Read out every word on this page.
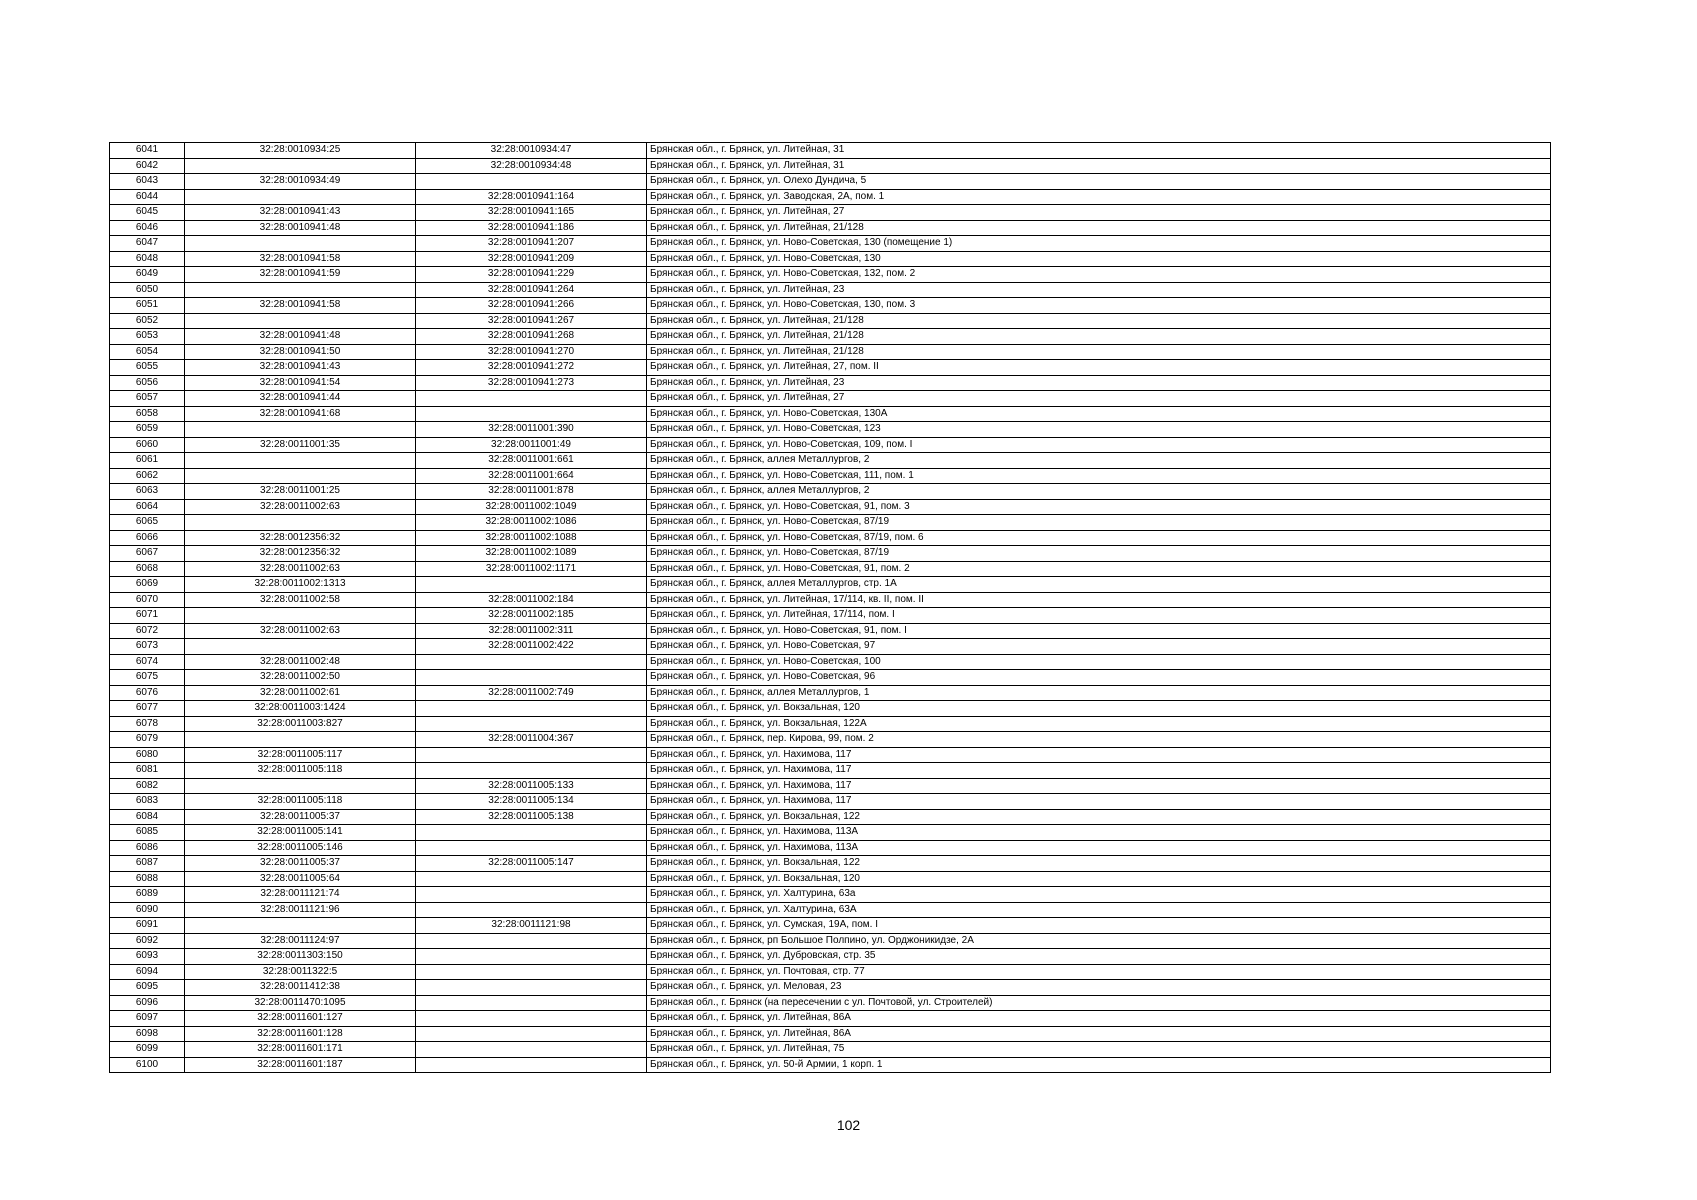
6041	32:28:0010934:25	32:28:0010934:47	Брянская обл., г. Брянск, ул. Литейная, 31
6042		32:28:0010934:48	Брянская обл., г. Брянск, ул. Литейная, 31
6043	32:28:0010934:49		Брянская обл., г. Брянск, ул. Олехо Дундича, 5
6044		32:28:0010941:164	Брянская обл., г. Брянск, ул. Заводская, 2А, пом. 1
6045	32:28:0010941:43	32:28:0010941:165	Брянская обл., г. Брянск, ул. Литейная, 27
6046	32:28:0010941:48	32:28:0010941:186	Брянская обл., г. Брянск, ул. Литейная, 21/128
6047		32:28:0010941:207	Брянская обл., г. Брянск, ул. Ново-Советская, 130 (помещение 1)
6048	32:28:0010941:58	32:28:0010941:209	Брянская обл., г. Брянск, ул. Ново-Советская, 130
6049	32:28:0010941:59	32:28:0010941:229	Брянская обл., г. Брянск, ул. Ново-Советская, 132, пом. 2
6050		32:28:0010941:264	Брянская обл., г. Брянск, ул. Литейная, 23
6051	32:28:0010941:58	32:28:0010941:266	Брянская обл., г. Брянск, ул. Ново-Советская, 130, пом. 3
6052		32:28:0010941:267	Брянская обл., г. Брянск, ул. Литейная, 21/128
6053	32:28:0010941:48	32:28:0010941:268	Брянская обл., г. Брянск, ул. Литейная, 21/128
6054	32:28:0010941:50	32:28:0010941:270	Брянская обл., г. Брянск, ул. Литейная, 21/128
6055	32:28:0010941:43	32:28:0010941:272	Брянская обл., г. Брянск, ул. Литейная, 27, пом. II
6056	32:28:0010941:54	32:28:0010941:273	Брянская обл., г. Брянск, ул. Литейная, 23
6057	32:28:0010941:44		Брянская обл., г. Брянск, ул. Литейная, 27
6058	32:28:0010941:68		Брянская обл., г. Брянск, ул. Ново-Советская, 130А
6059		32:28:0011001:390	Брянская обл., г. Брянск, ул. Ново-Советская, 123
6060	32:28:0011001:35	32:28:0011001:49	Брянская обл., г. Брянск, ул. Ново-Советская, 109, пом. I
6061		32:28:0011001:661	Брянская обл., г. Брянск, аллея Металлургов, 2
6062		32:28:0011001:664	Брянская обл., г. Брянск, ул. Ново-Советская, 111, пом. 1
6063	32:28:0011001:25	32:28:0011001:878	Брянская обл., г. Брянск, аллея Металлургов, 2
6064	32:28:0011002:63	32:28:0011002:1049	Брянская обл., г. Брянск, ул. Ново-Советская, 91, пом. 3
6065		32:28:0011002:1086	Брянская обл., г. Брянск, ул. Ново-Советская, 87/19
6066	32:28:0012356:32	32:28:0011002:1088	Брянская обл., г. Брянск, ул. Ново-Советская, 87/19, пом. 6
6067	32:28:0012356:32	32:28:0011002:1089	Брянская обл., г. Брянск, ул. Ново-Советская, 87/19
6068	32:28:0011002:63	32:28:0011002:1171	Брянская обл., г. Брянск, ул. Ново-Советская, 91, пом. 2
6069	32:28:0011002:1313		Брянская обл., г. Брянск, аллея Металлургов, стр. 1А
6070	32:28:0011002:58	32:28:0011002:184	Брянская обл., г. Брянск, ул. Литейная, 17/114, кв. II, пом. II
6071		32:28:0011002:185	Брянская обл., г. Брянск, ул. Литейная, 17/114, пом. I
6072	32:28:0011002:63	32:28:0011002:311	Брянская обл., г. Брянск, ул. Ново-Советская, 91, пом. I
6073		32:28:0011002:422	Брянская обл., г. Брянск, ул. Ново-Советская, 97
6074	32:28:0011002:48		Брянская обл., г. Брянск, ул. Ново-Советская, 100
6075	32:28:0011002:50		Брянская обл., г. Брянск, ул. Ново-Советская, 96
6076	32:28:0011002:61	32:28:0011002:749	Брянская обл., г. Брянск, аллея Металлургов, 1
6077	32:28:0011003:1424		Брянская обл., г. Брянск, ул. Вокзальная, 120
6078	32:28:0011003:827		Брянская обл., г. Брянск, ул. Вокзальная, 122А
6079		32:28:0011004:367	Брянская обл., г. Брянск, пер. Кирова, 99, пом. 2
6080	32:28:0011005:117		Брянская обл., г. Брянск, ул. Нахимова, 117
6081	32:28:0011005:118		Брянская обл., г. Брянск, ул. Нахимова, 117
6082		32:28:0011005:133	Брянская обл., г. Брянск, ул. Нахимова, 117
6083	32:28:0011005:118	32:28:0011005:134	Брянская обл., г. Брянск, ул. Нахимова, 117
6084	32:28:0011005:37	32:28:0011005:138	Брянская обл., г. Брянск, ул. Вокзальная, 122
6085	32:28:0011005:141		Брянская обл., г. Брянск, ул. Нахимова, 113А
6086	32:28:0011005:146		Брянская обл., г. Брянск, ул. Нахимова, 113А
6087	32:28:0011005:37	32:28:0011005:147	Брянская обл., г. Брянск, ул. Вокзальная, 122
6088	32:28:0011005:64		Брянская обл., г. Брянск, ул. Вокзальная, 120
6089	32:28:0011121:74		Брянская обл., г. Брянск, ул. Халтурина, 63а
6090	32:28:0011121:96		Брянская обл., г. Брянск, ул. Халтурина, 63А
6091		32:28:0011121:98	Брянская обл., г. Брянск, ул. Сумская, 19А, пом. I
6092	32:28:0011124:97		Брянская обл., г. Брянск, рп Большое Полпино, ул. Орджоникидзе, 2А
6093	32:28:0011303:150		Брянская обл., г. Брянск, ул. Дубровская, стр. 35
6094	32:28:0011322:5		Брянская обл., г. Брянск, ул. Почтовая, стр. 77
6095	32:28:0011412:38		Брянская обл., г. Брянск, ул. Меловая, 23
6096	32:28:0011470:1095		Брянская обл., г. Брянск (на пересечении с ул. Почтовой, ул. Строителей)
6097	32:28:0011601:127		Брянская обл., г. Брянск, ул. Литейная, 86А
6098	32:28:0011601:128		Брянская обл., г. Брянск, ул. Литейная, 86А
6099	32:28:0011601:171		Брянская обл., г. Брянск, ул. Литейная, 75
6100	32:28:0011601:187		Брянская обл., г. Брянск, ул. 50-й Армии, 1 корп. 1
102
